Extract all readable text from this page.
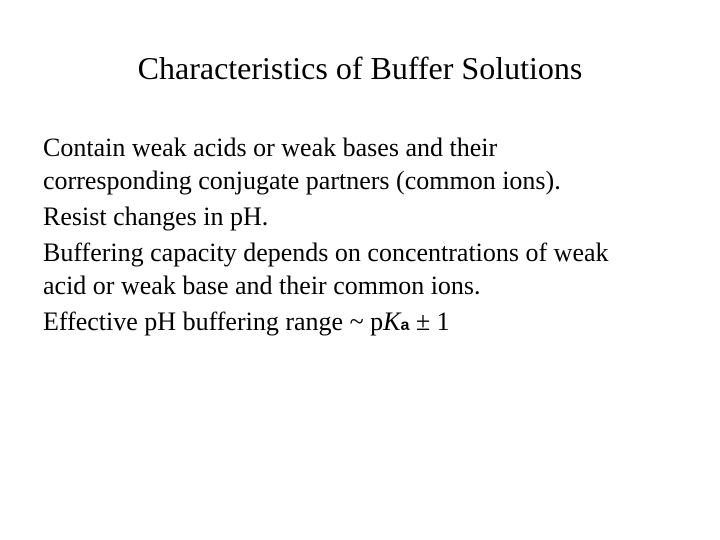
Characteristics of Buffer Solutions
Contain weak acids or weak bases and their
corresponding conjugate partners (common ions).
Resist changes in pH.
Buffering capacity depends on concentrations of weak
acid or weak base and their common ions.
Effective pH buffering range ~ pKa ± 1
